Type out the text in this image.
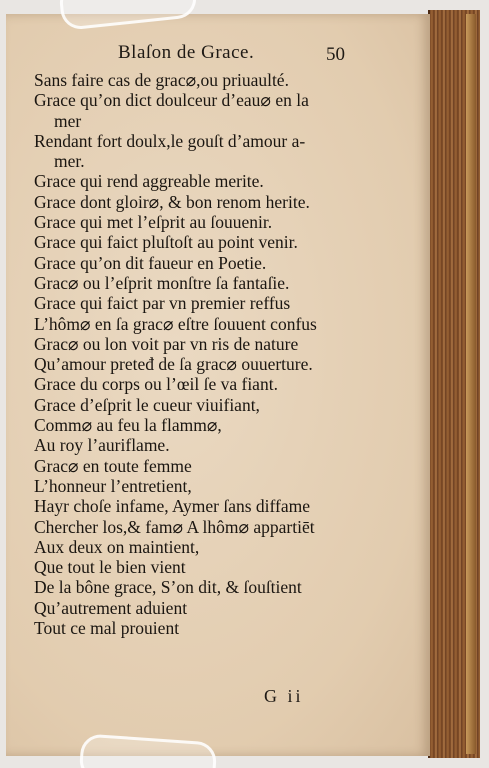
Blaſon de Grace.	50
Sans faire cas de grac⌀,ou priuaulté.
Grace qu’on dict doulceur d’eau⌀ en la
mer
Rendant fort doulx,le gouſt d’amour a-
mer.
Grace qui rend aggreable merite.
Grace dont gloir⌀, & bon renom herite.
Grace qui met l’eſprit au ſouuenir.
Grace qui faict pluſtoſt au point venir.
Grace qu’on dit faueur en Poetie.
Grac⌀ ou l’eſprit monſtre ſa fantaſie.
Grace qui faict par vn premier reffus
L’hôm⌀ en ſa grac⌀ eſtre ſouuent confus
Grac⌀ ou lon voit par vn ris de nature
Qu’amour preteđ de ſa grac⌀ ouuerture.
Grace du corps ou l’œil ſe va fiant.
Grace d’eſprit le cueur viuifiant,
Comm⌀ au feu la flamm⌀,
Au roy l’auriflame.
Grac⌀ en toute femme
L’honneur l’entretient,
Hayr choſe infame, Aymer ſans diffame
Chercher los,& fam⌀ A lhôm⌀ appartiēt
Aux deux on maintient,
Que tout le bien vient
De la bône grace, S’on dit, & ſouſtient
Qu’autrement aduient
Tout ce mal prouient
G ii
